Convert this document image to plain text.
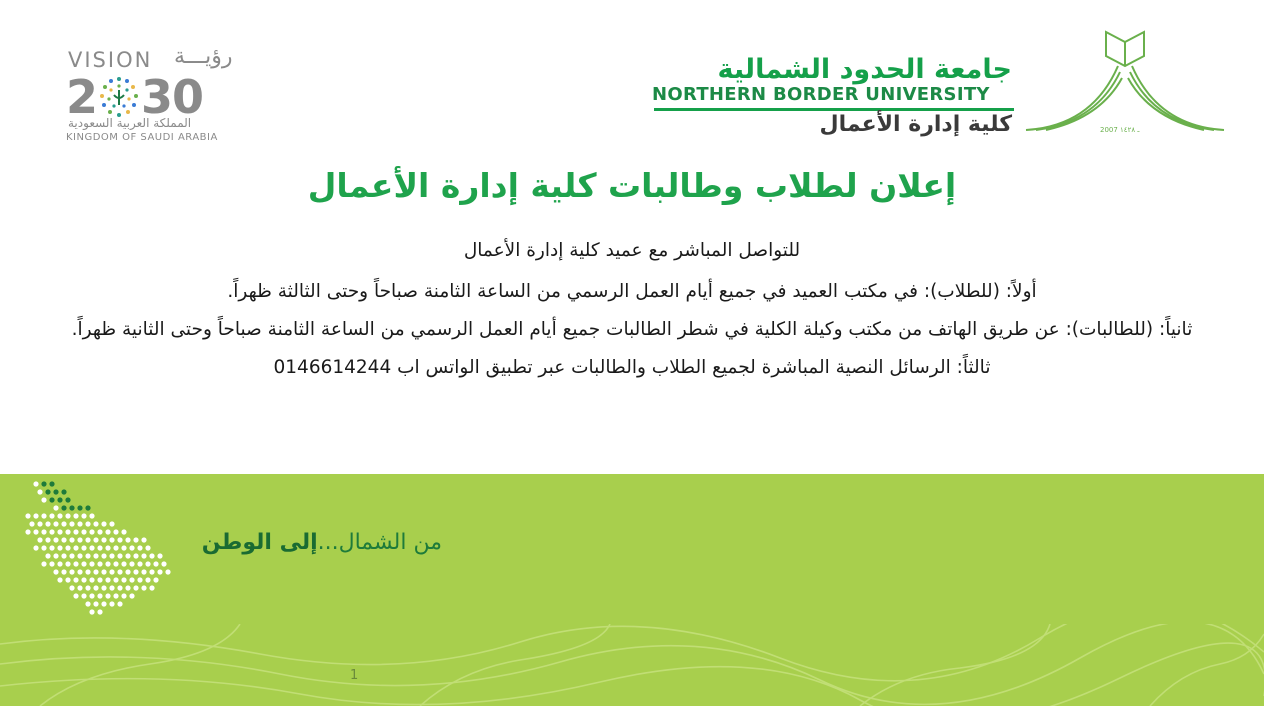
VISION رؤيـــة
2 30
المملكة العربية السعودية
KINGDOM OF SAUDI ARABIA
جامعة الحدود الشمالية
NORTHERN BORDER UNIVERSITY
كلية إدارة الأعمال	2007 ـ ١٤٢٨
إعلان لطلاب وطالبات كلية إدارة الأعمال

للتواصل المباشر مع عميد كلية إدارة الأعمال

أولاً: (للطلاب): في مكتب العميد في جميع أيام العمل الرسمي من الساعة الثامنة صباحاً وحتى الثالثة ظهراً.

ثانياً: (للطالبات): عن طريق الهاتف من مكتب وكيلة الكلية في شطر الطالبات جميع أيام العمل الرسمي من الساعة الثامنة صباحاً وحتى الثانية ظهراً.

ثالثاً: الرسائل النصية المباشرة لجميع الطلاب والطالبات عبر تطبيق الواتس اب 0146614244

من الشمال...إلى الوطن
1
